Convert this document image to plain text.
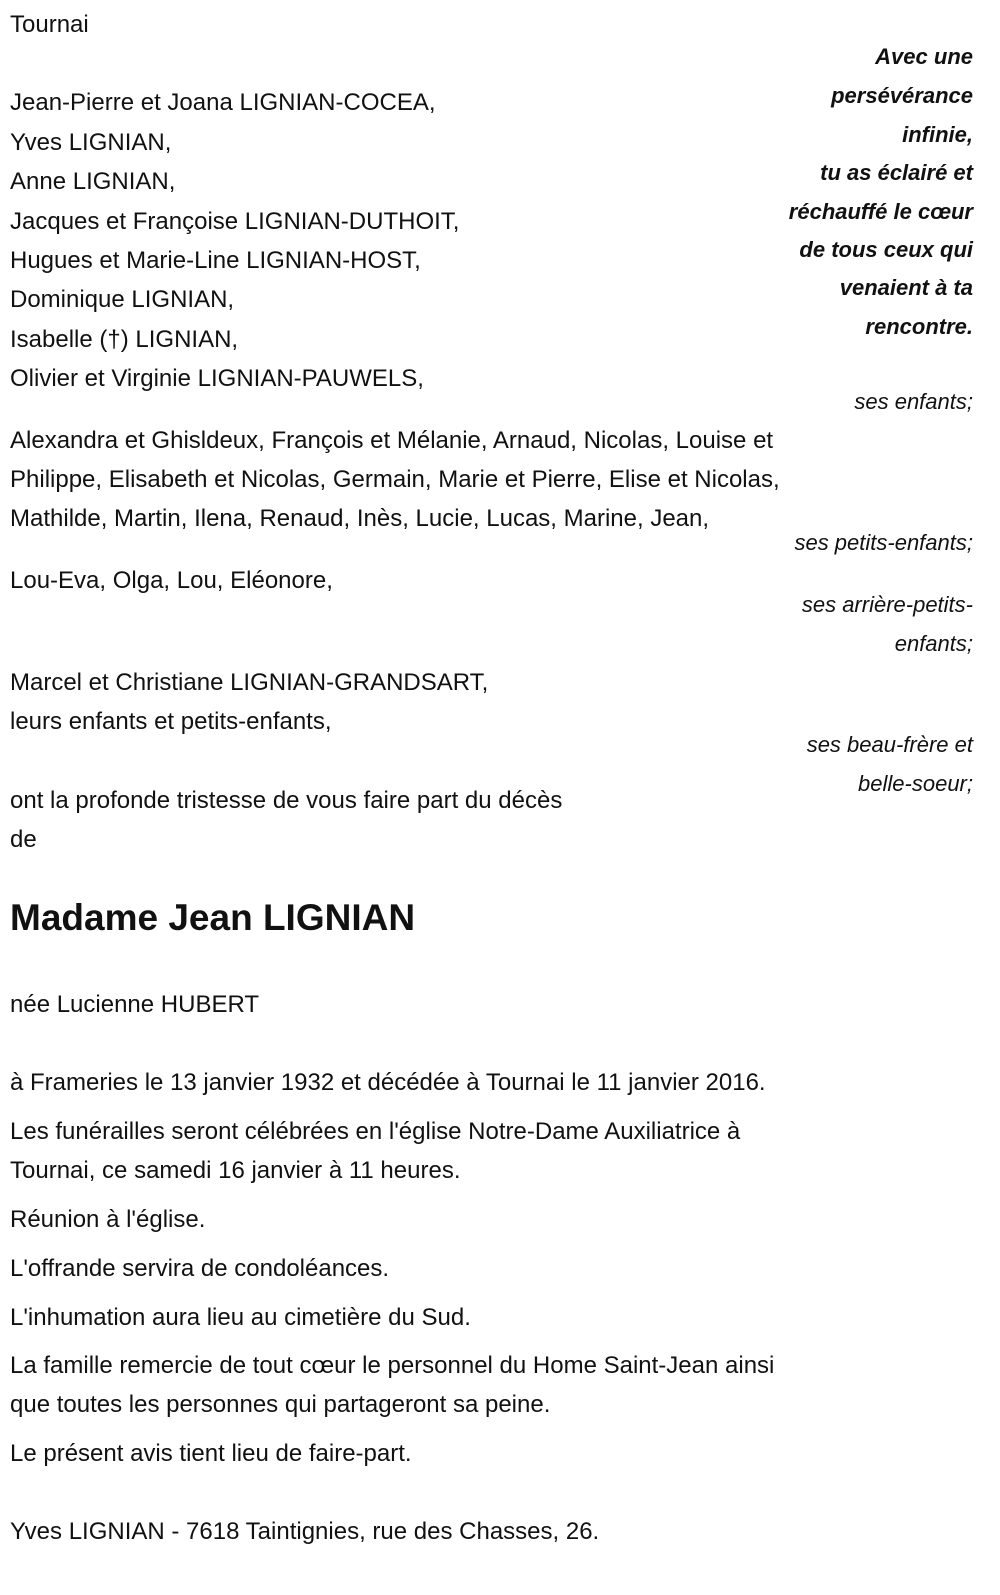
Tournai
Avec une
persévérance
infinie,
tu as éclairé et
réchauffé le cœur
de tous ceux qui
venaient à ta
rencontre.
Jean-Pierre et Joana LIGNIAN-COCEA,
Yves LIGNIAN,
Anne LIGNIAN,
Jacques et Françoise LIGNIAN-DUTHOIT,
Hugues et Marie-Line LIGNIAN-HOST,
Dominique LIGNIAN,
Isabelle (†) LIGNIAN,
Olivier et Virginie LIGNIAN-PAUWELS,
ses enfants;
Alexandra et Ghisldeux, François et Mélanie, Arnaud, Nicolas, Louise et
Philippe, Elisabeth et Nicolas, Germain, Marie et Pierre, Elise et Nicolas,
Mathilde, Martin, Ilena, Renaud, Inès, Lucie, Lucas, Marine, Jean,
ses petits-enfants;
Lou-Eva, Olga, Lou, Eléonore,
ses arrière-petits-
enfants;
Marcel et Christiane LIGNIAN-GRANDSART,
leurs enfants et petits-enfants,
ses beau-frère et
belle-soeur;
ont la profonde tristesse de vous faire part du décès
de
Madame Jean LIGNIAN
née Lucienne HUBERT
à Frameries le 13 janvier 1932 et décédée à Tournai le 11 janvier 2016.
Les funérailles seront célébrées en l'église Notre-Dame Auxiliatrice à
Tournai, ce samedi 16 janvier à 11 heures.
Réunion à l'église.
L'offrande servira de condoléances.
L'inhumation aura lieu au cimetière du Sud.
La famille remercie de tout cœur le personnel du Home Saint-Jean ainsi
que toutes les personnes qui partageront sa peine.
Le présent avis tient lieu de faire-part.
Yves LIGNIAN - 7618 Taintignies, rue des Chasses, 26.
